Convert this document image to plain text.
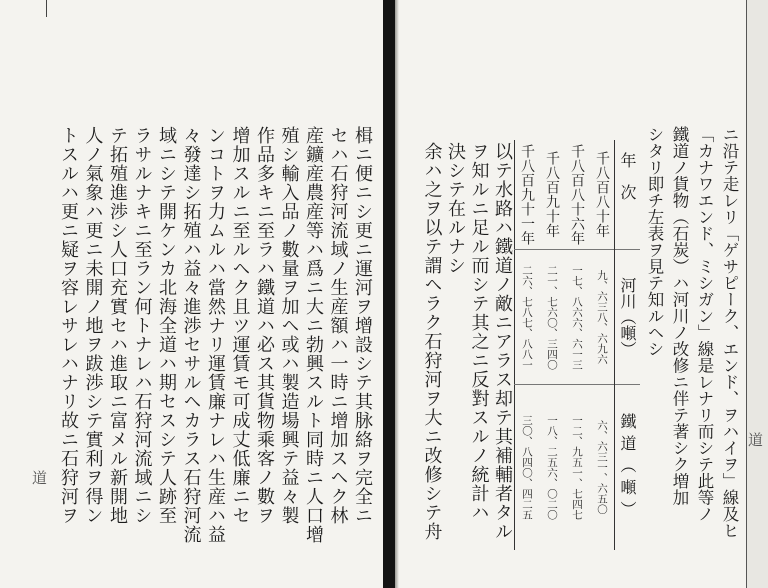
道	楫ニ便ニシ更ニ運河ヲ增設シテ其脉絡ヲ完全ニ
セハ石狩河流域ノ生産額ハ一時ニ增加スヘク林
産鑛産農産等ハ爲ニ大ニ勃興スルト同時ニ人口增
殖シ輸入品ノ數量ヲ加ヘ或ハ製造場興テ益々製
作品多キニ至ラハ鐵道ハ必ス其貨物乘客ノ數ヲ
增加スルニ至ルヘク且ツ運賃モ可成丈低廉ニセ
ンコトヲ力ムルハ當然ナリ運賃廉ナレハ生産ハ益
々發達シ拓殖ハ益々進渉セサルヘカラス石狩河流
域ニシテ開ケンカ北海全道ハ期セスシテ人跡至
ラサルナキニ至ラン何トナレハ石狩河流域ニシ
テ拓殖進渉シ人口充實セハ進取ニ富メル新開地
人ノ氣象ハ更ニ未開ノ地ヲ跋渉シテ實利ヲ得ン
トスルハ更ニ疑ヲ容レサレハナリ故ニ石狩河ヲ	道
ニ沿テ走レリ「ゲサピーク、エンド、ヲハイヲ」線及ヒ
「カナワエンド、ミシガン」線是レナリ而シテ此等ノ
鐵道ノ貨物（石炭）ハ河川ノ改修ニ伴テ著シク増加
シタリ即チ左表ヲ見テ知ルヘシ
年　次
河川（噸）
鐵道（噸）
千八百八十年
九、六三八、六九六
六、六三一、六五〇
千八百八十六年
一七、八六六、六一三
一二、九五一、七四七
千八百九十年
二一、七六〇、三四〇
一八、二五六、〇二〇
千八百九十一年
二六、七八七、八八一
三〇、八四〇、四二五
以テ水路ハ鐵道ノ敵ニアラス却テ其補輔者タル
ヲ知ルニ足ル而シテ其之ニ反對スルノ統計ハ
決シテ在ルナシ
余ハ之ヲ以テ謂ヘラク石狩河ヲ大ニ改修シテ舟
